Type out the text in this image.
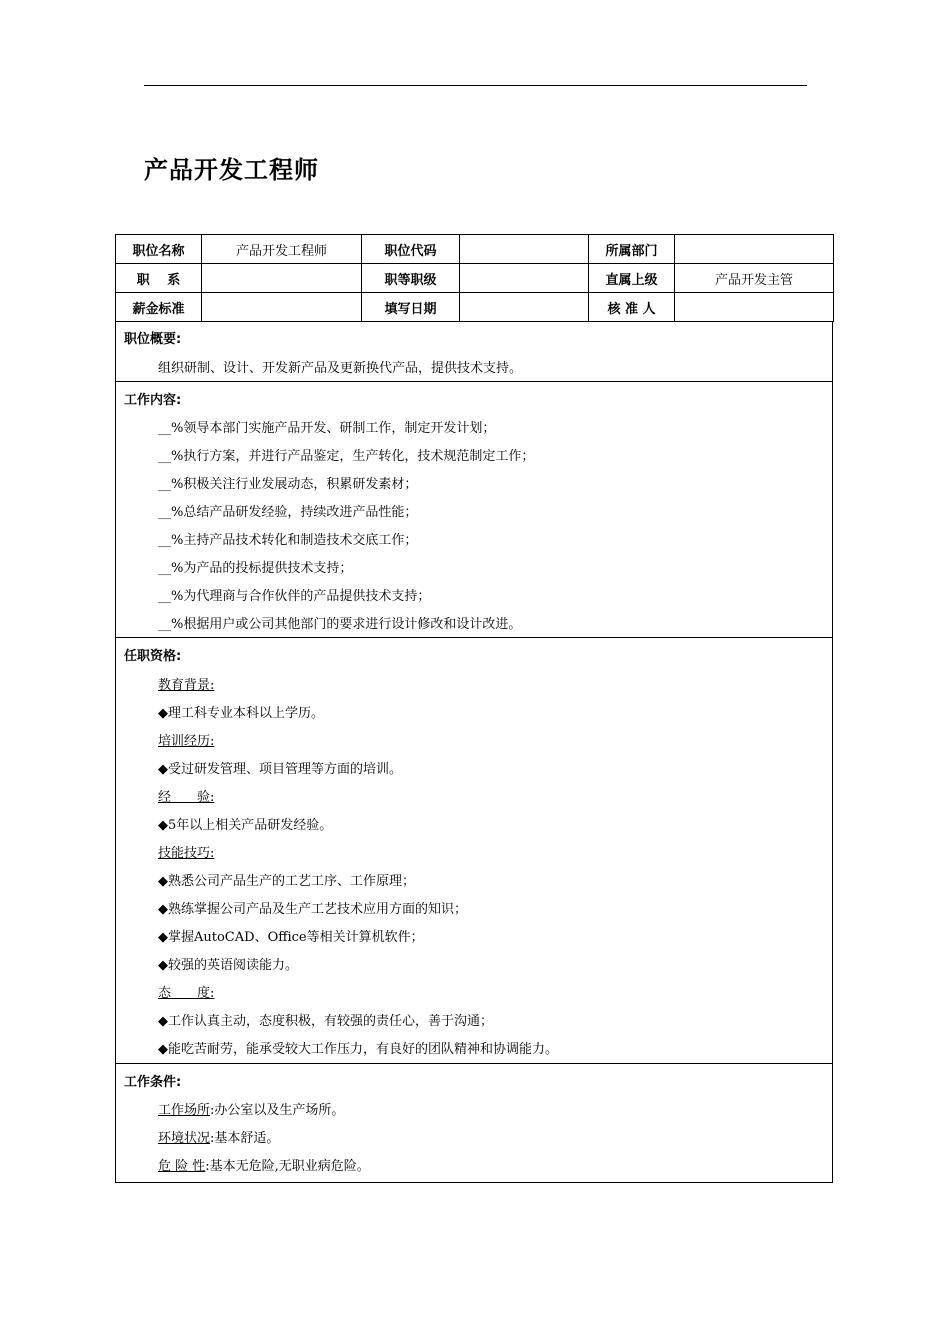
产品开发工程师
职位名称	产品开发工程师	职位代码		所属部门	
职　 系		职等职级		直属上级	产品开发主管
薪金标准		填写日期		核 准 人	
职位概要:
组织研制、设计、开发新产品及更新换代产品，提供技术支持。
工作内容:
__%领导本部门实施产品开发、研制工作，制定开发计划；
__%执行方案，并进行产品鉴定，生产转化，技术规范制定工作；
__%积极关注行业发展动态，积累研发素材；
__%总结产品研发经验，持续改进产品性能；
__%主持产品技术转化和制造技术交底工作；
__%为产品的投标提供技术支持；
__%为代理商与合作伙伴的产品提供技术支持；
__%根据用户或公司其他部门的要求进行设计修改和设计改进。
任职资格:
教育背景:
◆理工科专业本科以上学历。
培训经历:
◆受过研发管理、项目管理等方面的培训。
经　　验:
◆5年以上相关产品研发经验。
技能技巧:
◆熟悉公司产品生产的工艺工序、工作原理；
◆熟练掌握公司产品及生产工艺技术应用方面的知识；
◆掌握AutoCAD、Office等相关计算机软件；
◆较强的英语阅读能力。
态　　度:
◆工作认真主动，态度积极，有较强的责任心，善于沟通；
◆能吃苦耐劳，能承受较大工作压力，有良好的团队精神和协调能力。
工作条件:
工作场所:办公室以及生产场所。
环境状况:基本舒适。
危 险 性:基本无危险,无职业病危险。
